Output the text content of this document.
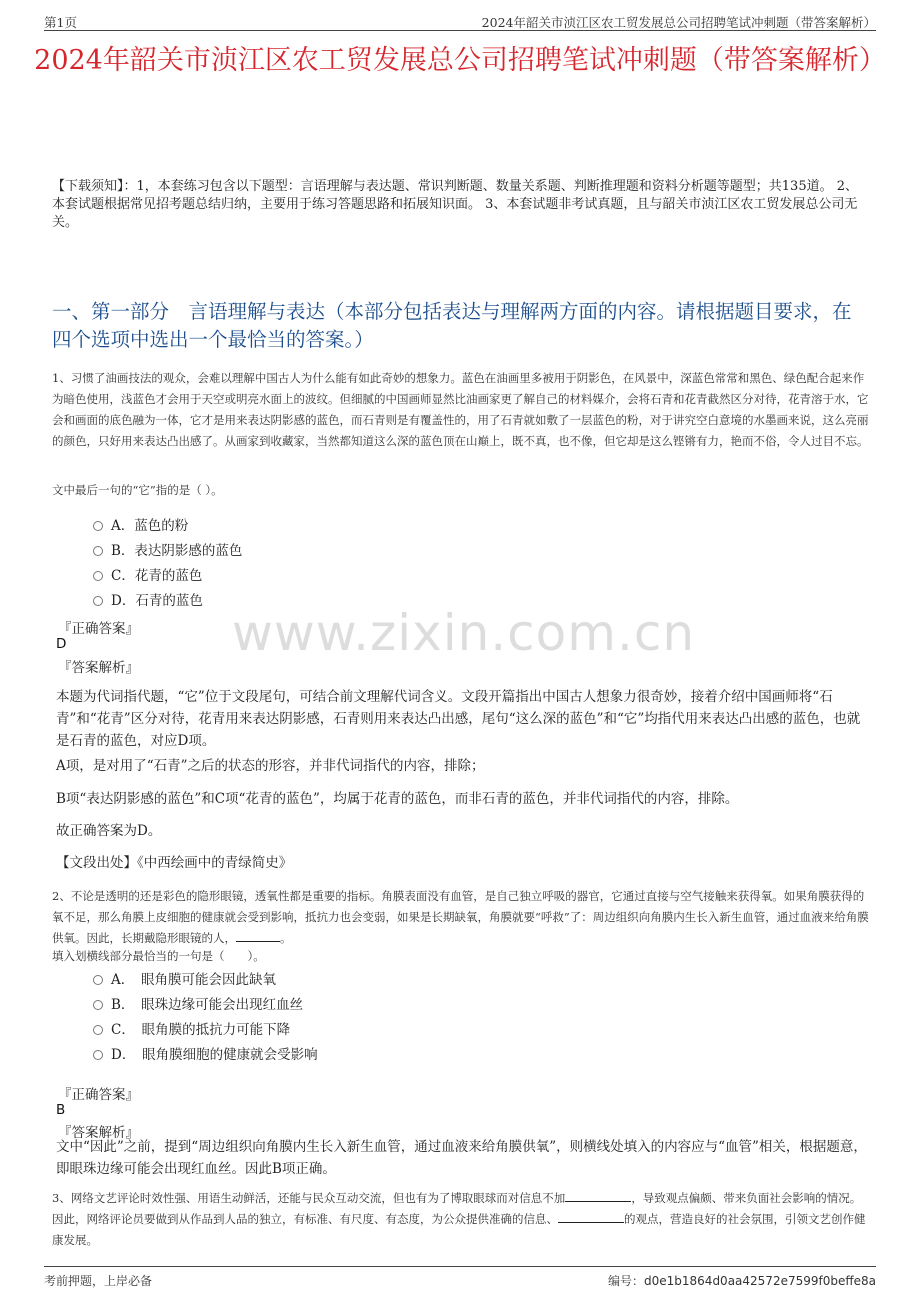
第1页	2024年韶关市浈江区农工贸发展总公司招聘笔试冲刺题（带答案解析）
2024年韶关市浈江区农工贸发展总公司招聘笔试冲刺题（带答案解析）
【下载须知】：1，本套练习包含以下题型：言语理解与表达题、常识判断题、数量关系题、判断推理题和资料分析题等题型；共135道。 2、本套试题根据常见招考题总结归纳，主要用于练习答题思路和拓展知识面。 3、本套试题非考试真题，且与韶关市浈江区农工贸发展总公司无关。
一、第一部分　言语理解与表达（本部分包括表达与理解两方面的内容。请根据题目要求，在四个选项中选出一个最恰当的答案。）
1、习惯了油画技法的观众，会难以理解中国古人为什么能有如此奇妙的想象力。蓝色在油画里多被用于阴影色，在风景中，深蓝色常常和黑色、绿色配合起来作为暗色使用，浅蓝色才会用于天空或明亮水面上的波纹。但细腻的中国画师显然比油画家更了解自己的材料媒介，会将石青和花青截然区分对待，花青溶于水，它会和画面的底色融为一体，它才是用来表达阴影感的蓝色，而石青则是有覆盖性的，用了石青就如敷了一层蓝色的粉，对于讲究空白意境的水墨画来说，这么亮丽的颜色，只好用来表达凸出感了。从画家到收藏家，当然都知道这么深的蓝色顶在山巅上，既不真，也不像，但它却是这么铿锵有力，艳而不俗，令人过目不忘。
文中最后一句的“它”指的是（ ）。
A．蓝色的粉
B．表达阴影感的蓝色
C．花青的蓝色
D．石青的蓝色
『正确答案』
D
『答案解析』
本题为代词指代题，“它”位于文段尾句，可结合前文理解代词含义。文段开篇指出中国古人想象力很奇妙，接着介绍中国画师将“石青”和“花青”区分对待，花青用来表达阴影感，石青则用来表达凸出感，尾句“这么深的蓝色”和“它”均指代用来表达凸出感的蓝色，也就是石青的蓝色，对应D项。
A项，是对用了“石青”之后的状态的形容，并非代词指代的内容，排除；
B项“表达阴影感的蓝色”和C项“花青的蓝色”，均属于花青的蓝色，而非石青的蓝色，并非代词指代的内容，排除。
故正确答案为D。
【文段出处】《中西绘画中的青绿简史》
2、不论是透明的还是彩色的隐形眼镜，透氧性都是重要的指标。角膜表面没有血管，是自己独立呼吸的器官，它通过直接与空气接触来获得氧。如果角膜获得的氧不足，那么角膜上皮细胞的健康就会受到影响，抵抗力也会变弱，如果是长期缺氧，角膜就要“呼救”了：周边组织向角膜内生长入新生血管，通过血液来给角膜供氧。因此，长期戴隐形眼镜的人，	。
填入划横线部分最恰当的一句是（　　）。
A．　眼角膜可能会因此缺氧
B．　眼珠边缘可能会出现红血丝
C．　眼角膜的抵抗力可能下降
D．　眼角膜细胞的健康就会受影响
『正确答案』
B
『答案解析』
文中“因此”之前，提到“周边组织向角膜内生长入新生血管，通过血液来给角膜供氧”，则横线处填入的内容应与“血管”相关，根据题意，即眼珠边缘可能会出现红血丝。因此B项正确。
3、网络文艺评论时效性强、用语生动鲜活，还能与民众互动交流，但也有为了博取眼球而对信息不加	，导致观点偏颇、带来负面社会影响的情况。因此，网络评论员要做到从作品到人品的独立，有标准、有尺度、有态度，为公众提供准确的信息、	的观点，营造良好的社会氛围，引领文艺创作健康发展。
www.zixin.com.cn
考前押题，上岸必备	编号：d0e1b1864d0aa42572e7599f0beffe8a
